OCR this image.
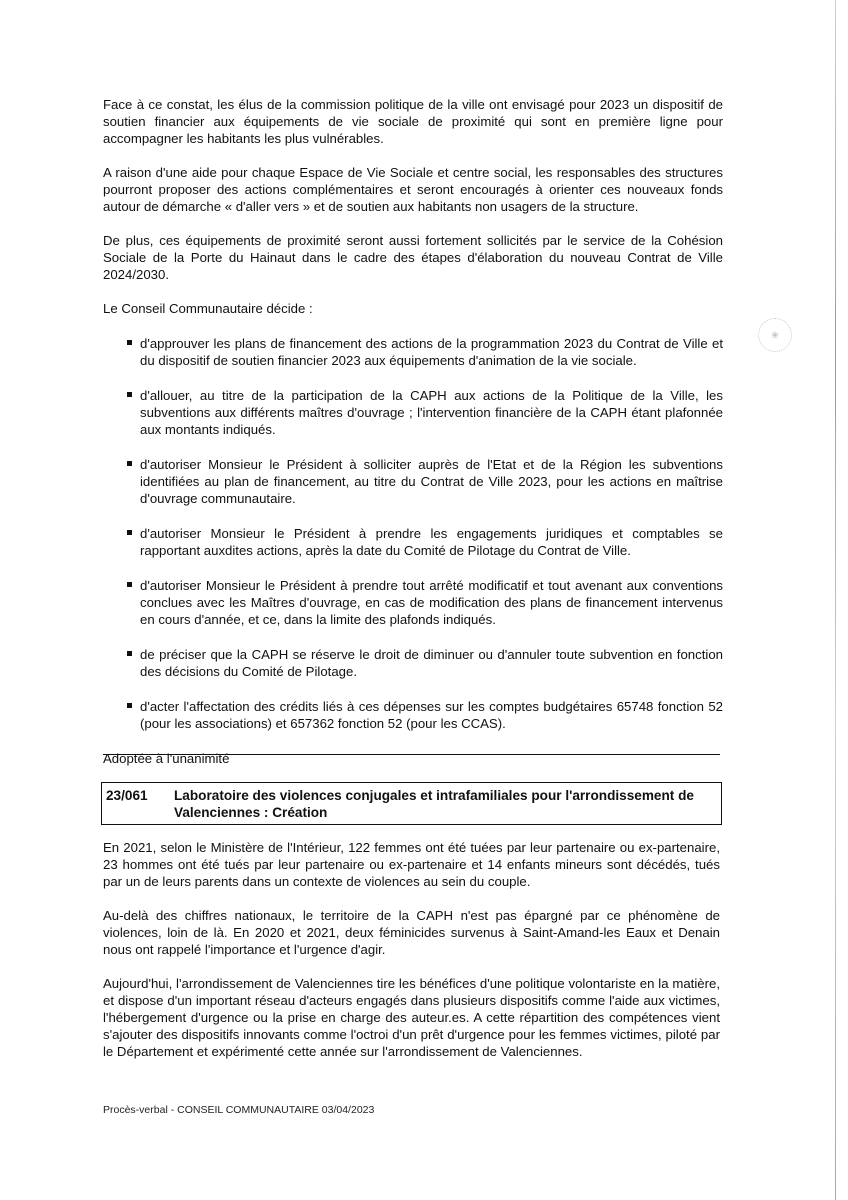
❀

Face à ce constat, les élus de la commission politique de la ville ont envisagé pour 2023 un dispositif de soutien financier aux équipements de vie sociale de proximité qui sont en première ligne pour accompagner les habitants les plus vulnérables.

A raison d'une aide pour chaque Espace de Vie Sociale et centre social, les responsables des structures pourront proposer des actions complémentaires et seront encouragés à orienter ces nouveaux fonds autour de démarche « d'aller vers » et de soutien aux habitants non usagers de la structure.

De plus, ces équipements de proximité seront aussi fortement sollicités par le service de la Cohésion Sociale de la Porte du Hainaut dans le cadre des étapes d'élaboration du nouveau Contrat de Ville 2024/2030.

Le Conseil Communautaire décide :

d'approuver les plans de financement des actions de la programmation 2023 du Contrat de Ville et du dispositif de soutien financier 2023 aux équipements d'animation de la vie sociale.
d'allouer, au titre de la participation de la CAPH aux actions de la Politique de la Ville, les subventions aux différents maîtres d'ouvrage ; l'intervention financière de la CAPH étant plafonnée aux montants indiqués.
d'autoriser Monsieur le Président à solliciter auprès de l'Etat et de la Région les subventions identifiées au plan de financement, au titre du Contrat de Ville 2023, pour les actions en maîtrise d'ouvrage communautaire.
d'autoriser Monsieur le Président à prendre les engagements juridiques et comptables se rapportant auxdites actions, après la date du Comité de Pilotage du Contrat de Ville.
d'autoriser Monsieur le Président à prendre tout arrêté modificatif et tout avenant aux conventions conclues avec les Maîtres d'ouvrage, en cas de modification des plans de financement intervenus en cours d'année, et ce, dans la limite des plafonds indiqués.
de préciser que la CAPH se réserve le droit de diminuer ou d'annuler toute subvention en fonction des décisions du Comité de Pilotage.
d'acter l'affectation des crédits liés à ces dépenses sur les comptes budgétaires 65748 fonction 52 (pour les associations) et 657362 fonction 52 (pour les CCAS).

Adoptée à l'unanimité

23/061	Laboratoire des violences conjugales et intrafamiliales pour l'arrondissement de Valenciennes : Création

En 2021, selon le Ministère de l'Intérieur, 122 femmes ont été tuées par leur partenaire ou ex-partenaire, 23 hommes ont été tués par leur partenaire ou ex-partenaire et 14 enfants mineurs sont décédés, tués par un de leurs parents dans un contexte de violences au sein du couple.

Au-delà des chiffres nationaux, le territoire de la CAPH n'est pas épargné par ce phénomène de violences, loin de là. En 2020 et 2021, deux féminicides survenus à Saint-Amand-les Eaux et Denain nous ont rappelé l'importance et l'urgence d'agir.

Aujourd'hui, l'arrondissement de Valenciennes tire les bénéfices d'une politique volontariste en la matière, et dispose d'un important réseau d'acteurs engagés dans plusieurs dispositifs comme l'aide aux victimes, l'hébergement d'urgence ou la prise en charge des auteur.es. A cette répartition des compétences vient s'ajouter des dispositifs innovants comme l'octroi d'un prêt d'urgence pour les femmes victimes, piloté par le Département et expérimenté cette année sur l'arrondissement de Valenciennes.

Procès-verbal - CONSEIL COMMUNAUTAIRE 03/04/2023
